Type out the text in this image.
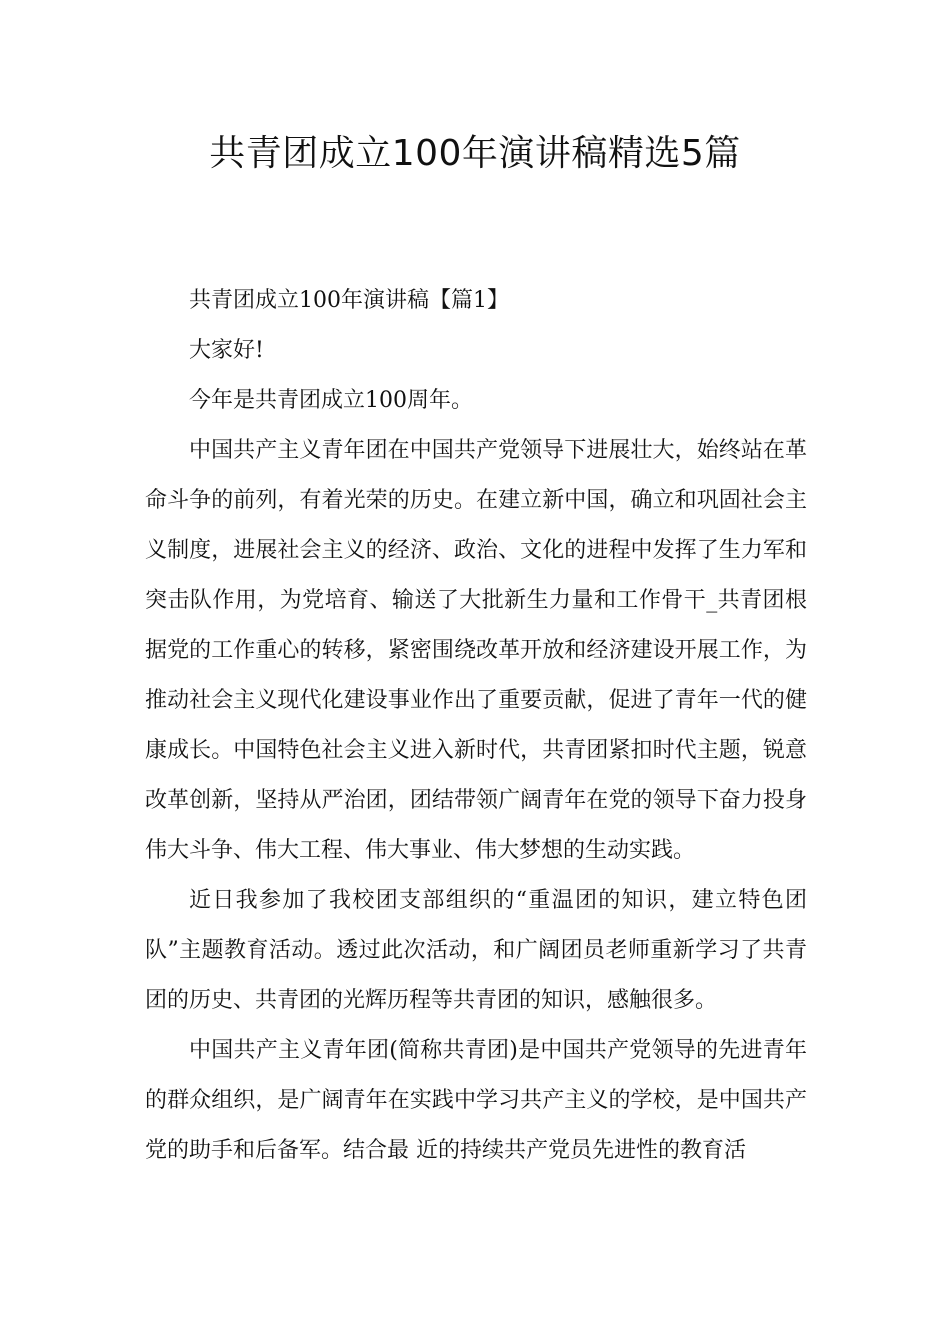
共青团成立100年演讲稿精选5篇

共青团成立100年演讲稿【篇1】

大家好!

今年是共青团成立100周年。

中国共产主义青年团在中国共产党领导下进展壮大，始终站在革命斗争的前列，有着光荣的历史。在建立新中国，确立和巩固社会主义制度，进展社会主义的经济、政治、文化的进程中发挥了生力军和突击队作用，为党培育、输送了大批新生力量和工作骨干_共青团根据党的工作重心的转移，紧密围绕改革开放和经济建设开展工作，为推动社会主义现代化建设事业作出了重要贡献，促进了青年一代的健康成长。中国特色社会主义进入新时代，共青团紧扣时代主题，锐意改革创新，坚持从严治团，团结带领广阔青年在党的领导下奋力投身伟大斗争、伟大工程、伟大事业、伟大梦想的生动实践。

近日我参加了我校团支部组织的“重温团的知识，建立特色团队”主题教育活动。透过此次活动，和广阔团员老师重新学习了共青团的历史、共青团的光辉历程等共青团的知识，感触很多。

中国共产主义青年团(简称共青团)是中国共产党领导的先进青年的群众组织，是广阔青年在实践中学习共产主义的学校，是中国共产党的助手和后备军。结合最 近的持续共产党员先进性的教育活
